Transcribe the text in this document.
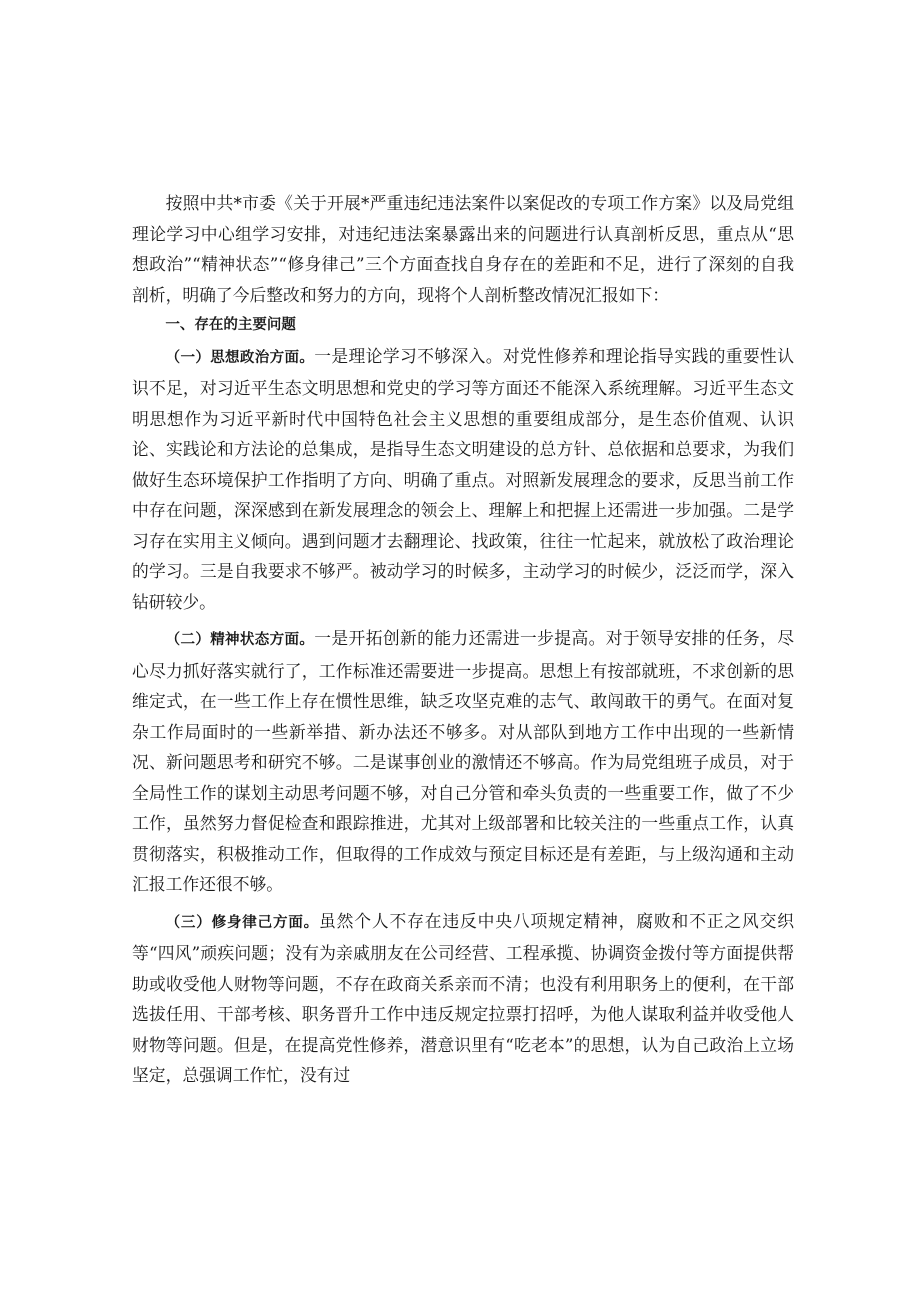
按照中共*市委《关于开展*严重违纪违法案件以案促改的专项工作方案》以及局党组理论学习中心组学习安排，对违纪违法案暴露出来的问题进行认真剖析反思，重点从“思想政治”“精神状态”“修身律己”三个方面查找自身存在的差距和不足，进行了深刻的自我剖析，明确了今后整改和努力的方向，现将个人剖析整改情况汇报如下：

一、存在的主要问题

（一）思想政治方面。一是理论学习不够深入。对党性修养和理论指导实践的重要性认识不足，对习近平生态文明思想和党史的学习等方面还不能深入系统理解。习近平生态文明思想作为习近平新时代中国特色社会主义思想的重要组成部分，是生态价值观、认识论、实践论和方法论的总集成，是指导生态文明建设的总方针、总依据和总要求，为我们做好生态环境保护工作指明了方向、明确了重点。对照新发展理念的要求，反思当前工作中存在问题，深深感到在新发展理念的领会上、理解上和把握上还需进一步加强。二是学习存在实用主义倾向。遇到问题才去翻理论、找政策，往往一忙起来，就放松了政治理论的学习。三是自我要求不够严。被动学习的时候多，主动学习的时候少，泛泛而学，深入钻研较少。

（二）精神状态方面。一是开拓创新的能力还需进一步提高。对于领导安排的任务，尽心尽力抓好落实就行了，工作标准还需要进一步提高。思想上有按部就班，不求创新的思维定式，在一些工作上存在惯性思维，缺乏攻坚克难的志气、敢闯敢干的勇气。在面对复杂工作局面时的一些新举措、新办法还不够多。对从部队到地方工作中出现的一些新情况、新问题思考和研究不够。二是谋事创业的激情还不够高。作为局党组班子成员，对于全局性工作的谋划主动思考问题不够，对自己分管和牵头负责的一些重要工作，做了不少工作，虽然努力督促检查和跟踪推进，尤其对上级部署和比较关注的一些重点工作，认真贯彻落实，积极推动工作，但取得的工作成效与预定目标还是有差距，与上级沟通和主动汇报工作还很不够。

（三）修身律己方面。虽然个人不存在违反中央八项规定精神，腐败和不正之风交织等“四风”顽疾问题；没有为亲戚朋友在公司经营、工程承揽、协调资金拨付等方面提供帮助或收受他人财物等问题，不存在政商关系亲而不清；也没有利用职务上的便利，在干部选拔任用、干部考核、职务晋升工作中违反规定拉票打招呼，为他人谋取利益并收受他人财物等问题。但是，在提高党性修养，潜意识里有“吃老本”的思想，认为自己政治上立场坚定，总强调工作忙，没有过
